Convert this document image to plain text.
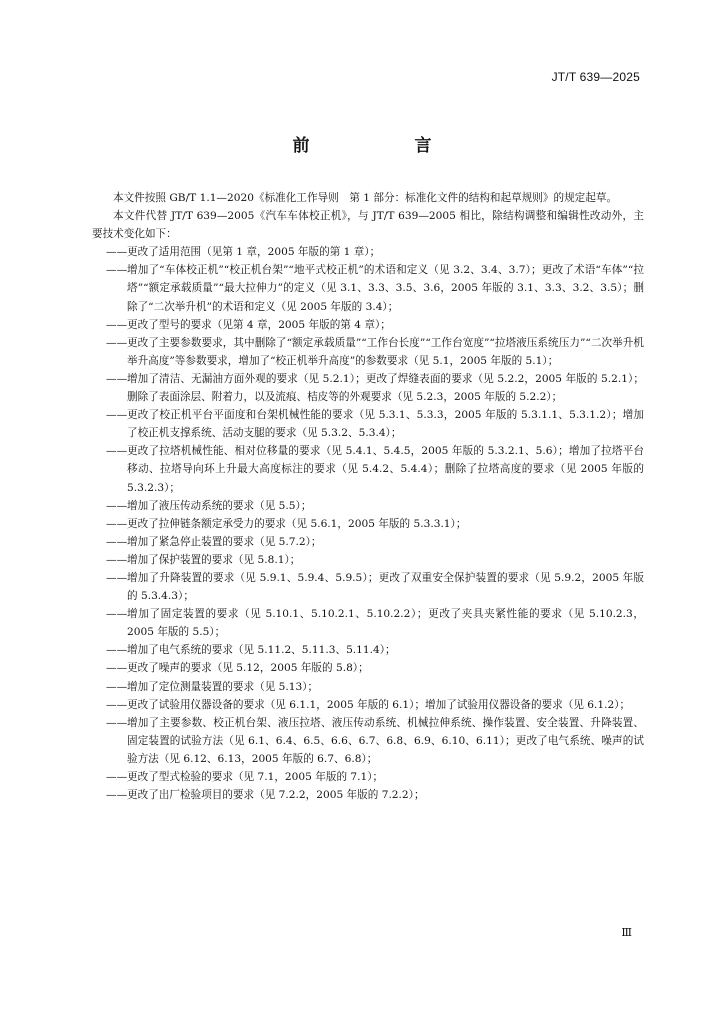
JT/T 639—2025
前　言

本文件按照 GB/T 1.1—2020《标准化工作导则　第 1 部分：标准化文件的结构和起草规则》的规定起草。

本文件代替 JT/T 639—2005《汽车车体校正机》，与 JT/T 639—2005 相比，除结构调整和编辑性改动外，主要技术变化如下：

—— 更改了适用范围（见第 1 章，2005 年版的第 1 章）；
—— 增加了“车体校正机”“校正机台架”“地平式校正机”的术语和定义（见 3.2、3.4、3.7）；更改了术语“车体”“拉塔”“额定承载质量”“最大拉伸力”的定义（见 3.1、3.3、3.5、3.6，2005 年版的 3.1、3.3、3.2、3.5）；删除了“二次举升机”的术语和定义（见 2005 年版的 3.4）；
—— 更改了型号的要求（见第 4 章，2005 年版的第 4 章）；
—— 更改了主要参数要求，其中删除了“额定承载质量”“工作台长度”“工作台宽度”“拉塔液压系统压力”“二次举升机举升高度”等参数要求，增加了“校正机举升高度”的参数要求（见 5.1，2005 年版的 5.1）；
—— 增加了清洁、无漏油方面外观的要求（见 5.2.1）；更改了焊缝表面的要求（见 5.2.2，2005 年版的 5.2.1）；删除了表面涂层、附着力，以及流痕、桔皮等的外观要求（见 5.2.3，2005 年版的 5.2.2）；
—— 更改了校正机平台平面度和台架机械性能的要求（见 5.3.1、5.3.3，2005 年版的 5.3.1.1、5.3.1.2）；增加了校正机支撑系统、活动支腿的要求（见 5.3.2、5.3.4）；
—— 更改了拉塔机械性能、相对位移量的要求（见 5.4.1、5.4.5，2005 年版的 5.3.2.1、5.6）；增加了拉塔平台移动、拉塔导向环上升最大高度标注的要求（见 5.4.2、5.4.4）；删除了拉塔高度的要求（见 2005 年版的 5.3.2.3）；
—— 增加了液压传动系统的要求（见 5.5）；
—— 更改了拉伸链条额定承受力的要求（见 5.6.1，2005 年版的 5.3.3.1）；
—— 增加了紧急停止装置的要求（见 5.7.2）；
—— 增加了保护装置的要求（见 5.8.1）；
—— 增加了升降装置的要求（见 5.9.1、5.9.4、5.9.5）；更改了双重安全保护装置的要求（见 5.9.2，2005 年版的 5.3.4.3）；
—— 增加了固定装置的要求（见 5.10.1、5.10.2.1、5.10.2.2）；更改了夹具夹紧性能的要求（见 5.10.2.3，2005 年版的 5.5）；
—— 增加了电气系统的要求（见 5.11.2、5.11.3、5.11.4）；
—— 更改了噪声的要求（见 5.12，2005 年版的 5.8）；
—— 增加了定位测量装置的要求（见 5.13）；
—— 更改了试验用仪器设备的要求（见 6.1.1，2005 年版的 6.1）；增加了试验用仪器设备的要求（见 6.1.2）；
—— 增加了主要参数、校正机台架、液压拉塔、液压传动系统、机械拉伸系统、操作装置、安全装置、升降装置、固定装置的试验方法（见 6.1、6.4、6.5、6.6、6.7、6.8、6.9、6.10、6.11）；更改了电气系统、噪声的试验方法（见 6.12、6.13，2005 年版的 6.7、6.8）；
—— 更改了型式检验的要求（见 7.1，2005 年版的 7.1）；
—— 更改了出厂检验项目的要求（见 7.2.2，2005 年版的 7.2.2）；
Ⅲ
